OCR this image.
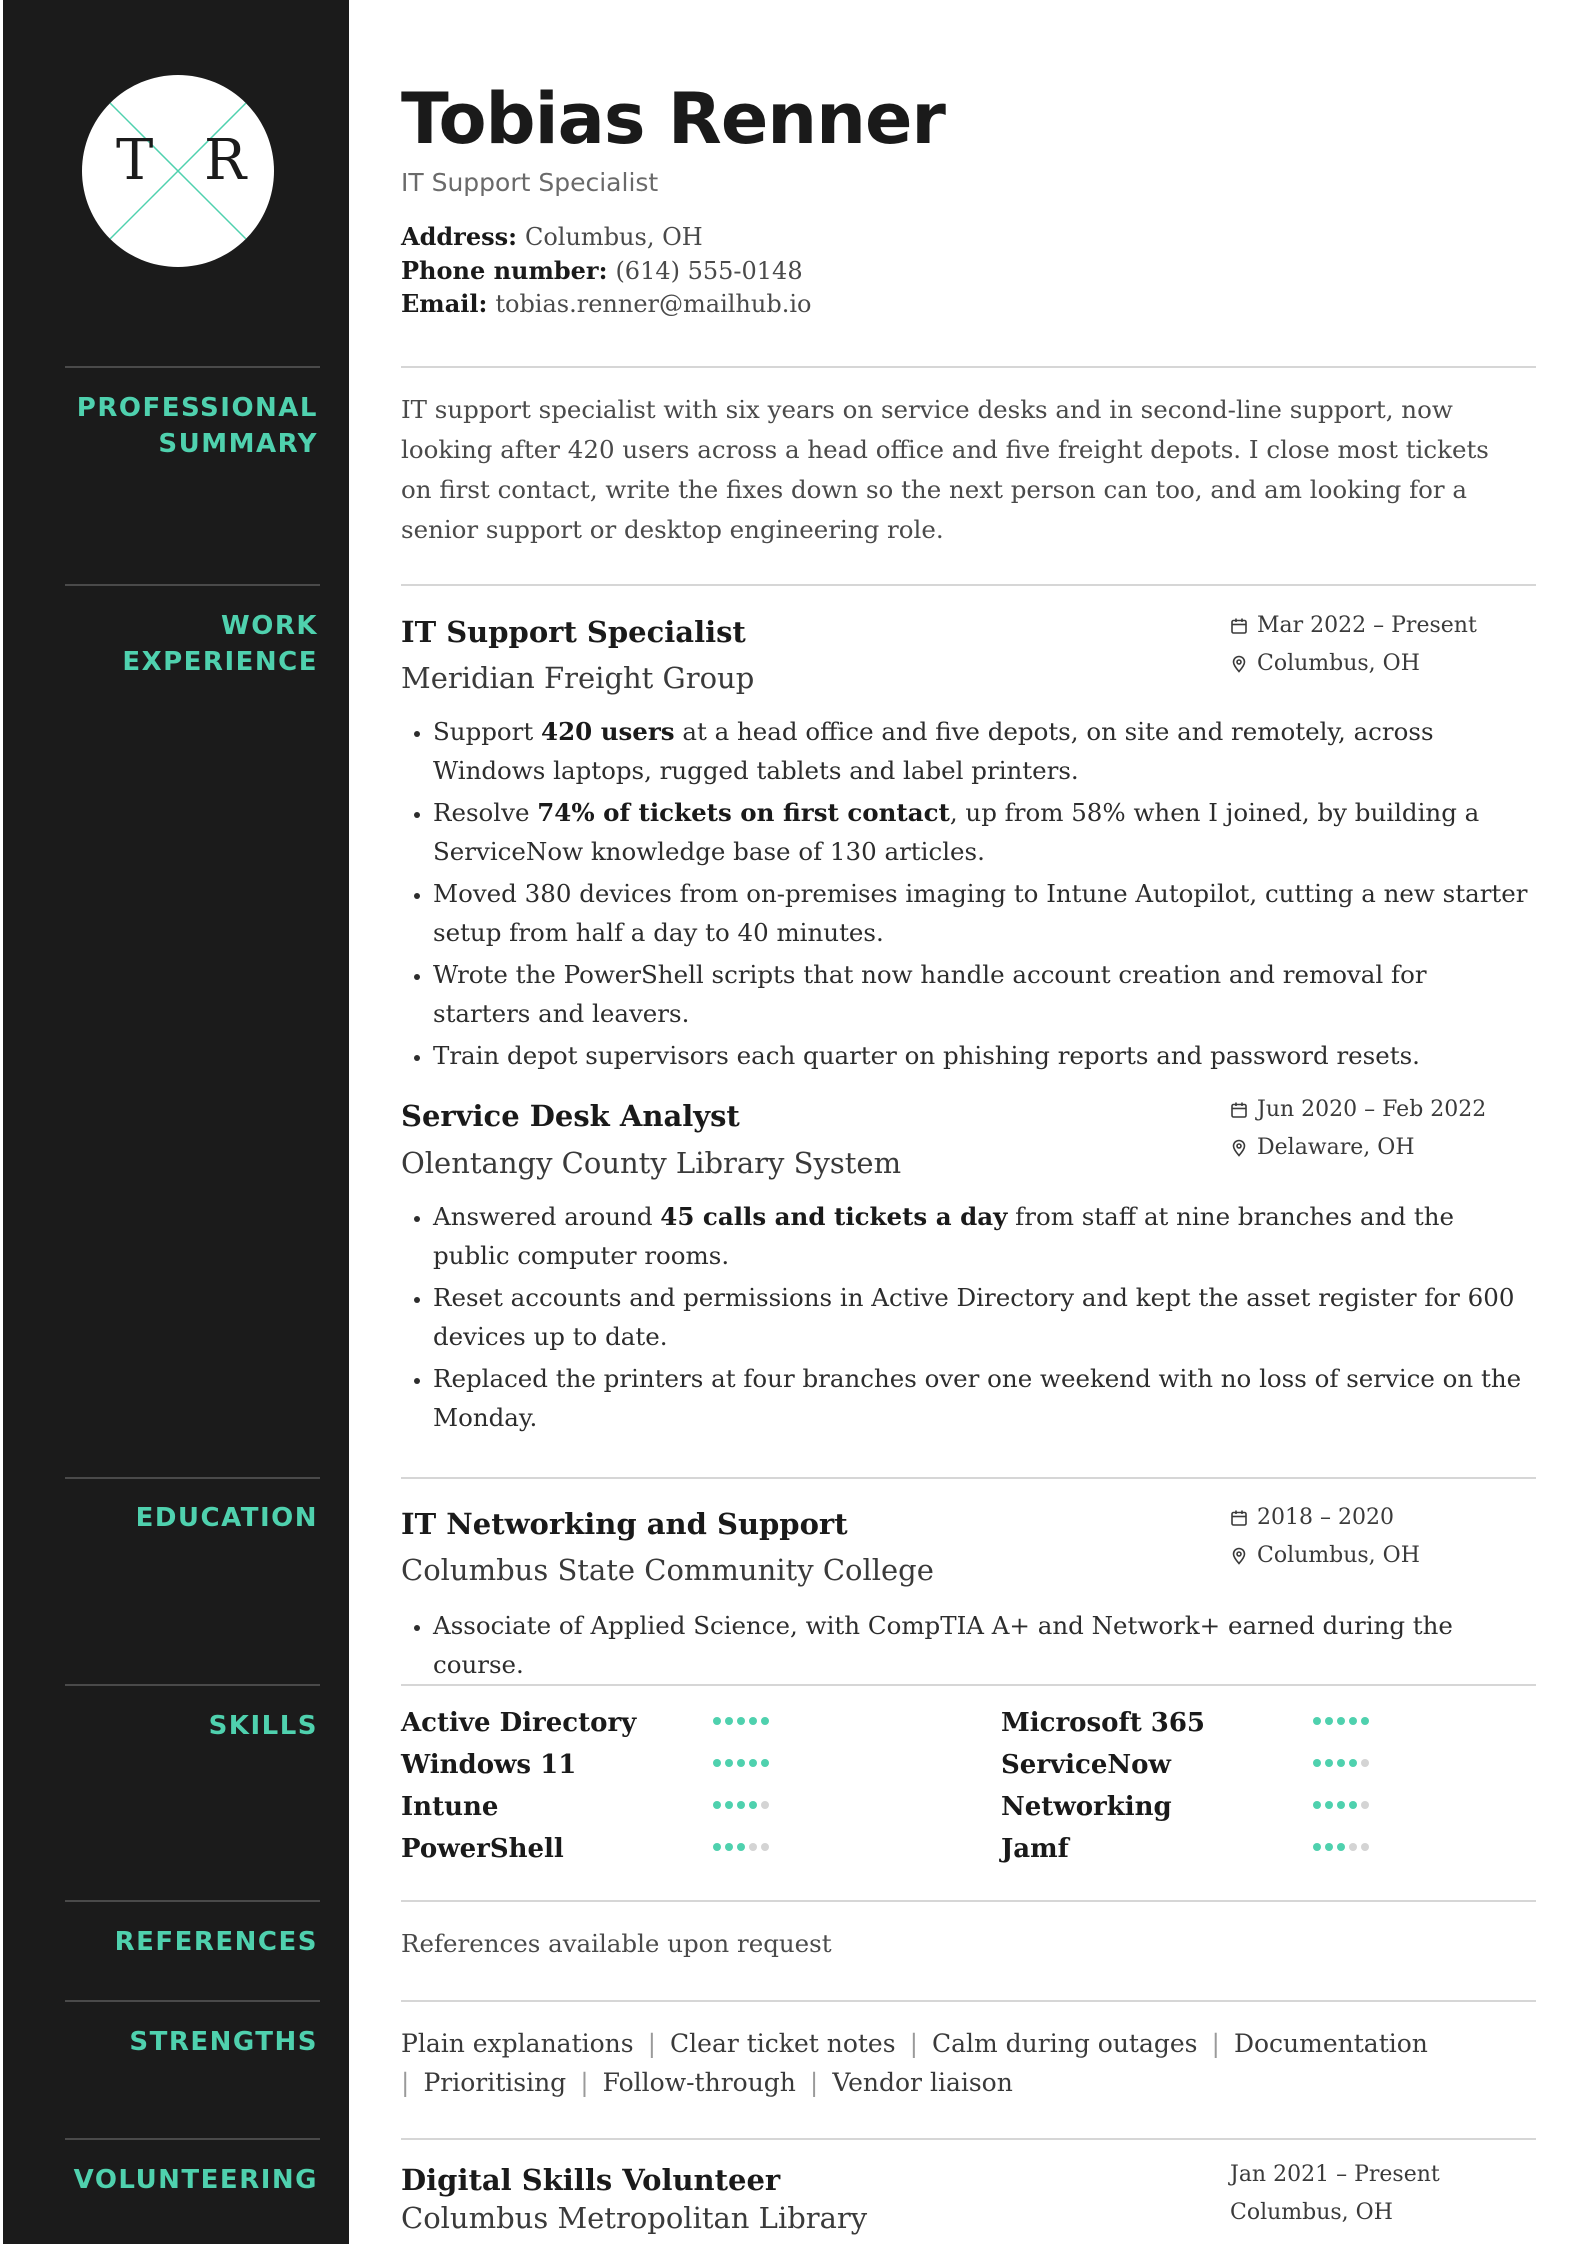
T R
PROFESSIONAL
SUMMARY
WORK
EXPERIENCE
EDUCATION
SKILLS
REFERENCES
STRENGTHS
VOLUNTEERING
Tobias Renner
IT Support Specialist
Address: Columbus, OH
Phone number: (614) 555-0148
Email: tobias.renner@mailhub.io
IT support specialist with six years on service desks and in second-line support, now looking after 420 users across a head office and five freight depots. I close most tickets on first contact, write the fixes down so the next person can too, and am looking for a senior support or desktop engineering role.
IT Support Specialist
Meridian Freight Group
Mar 2022 – Present
Columbus, OH
• Support 420 users at a head office and five depots, on site and remotely, across Windows laptops, rugged tablets and label printers.
• Resolve 74% of tickets on first contact, up from 58% when I joined, by building a ServiceNow knowledge base of 130 articles.
• Moved 380 devices from on-premises imaging to Intune Autopilot, cutting a new starter setup from half a day to 40 minutes.
• Wrote the PowerShell scripts that now handle account creation and removal for starters and leavers.
• Train depot supervisors each quarter on phishing reports and password resets.
Service Desk Analyst
Olentangy County Library System
Jun 2020 – Feb 2022
Delaware, OH
• Answered around 45 calls and tickets a day from staff at nine branches and the public computer rooms.
• Reset accounts and permissions in Active Directory and kept the asset register for 600 devices up to date.
• Replaced the printers at four branches over one weekend with no loss of service on the Monday.
IT Networking and Support
Columbus State Community College
2018 – 2020
Columbus, OH
• Associate of Applied Science, with CompTIA A+ and Network+ earned during the course.
Active Directory	Microsoft 365
Windows 11	ServiceNow
Intune	Networking
PowerShell	Jamf
References available upon request
Plain explanations | Clear ticket notes | Calm during outages | Documentation
| Prioritising | Follow-through | Vendor liaison
Digital Skills Volunteer
Columbus Metropolitan Library
Jan 2021 – Present
Columbus, OH
